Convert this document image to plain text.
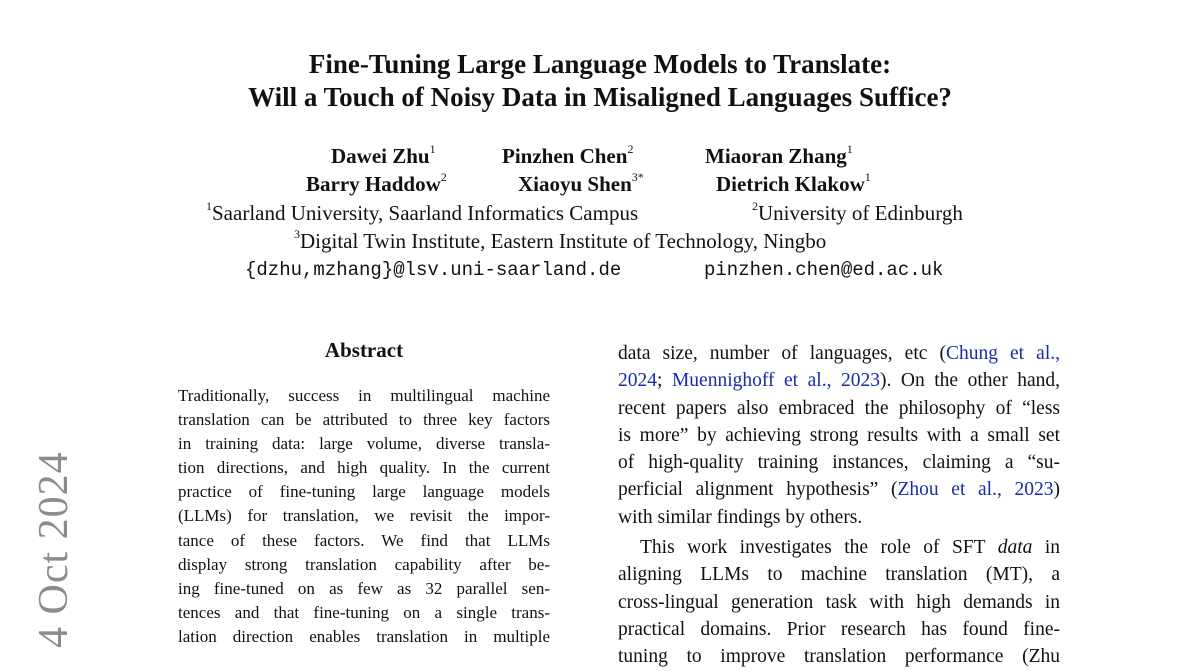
Fine-Tuning Large Language Models to Translate:
Will a Touch of Noisy Data in Misaligned Languages Suffice?
Dawei Zhu$^1$	Pinzhen Chen$^2$	Miaoran Zhang$^1$
Barry Haddow$^2$	Xiaoyu Shen$^{3*}$	Dietrich Klakow$^1$
$^1$Saarland University, Saarland Informatics Campus	$^2$University of Edinburgh
$^3$Digital Twin Institute, Eastern Institute of Technology, Ningbo
{dzhu,mzhang}@lsv.uni-saarland.de	pinzhen.chen@ed.ac.uk
Abstract
Traditionally, success in multilingual machine
translation can be attributed to three key factors
in training data: large volume, diverse transla-
tion directions, and high quality. In the current
practice of fine-tuning large language models
(LLMs) for translation, we revisit the impor-
tance of these factors. We find that LLMs
display strong translation capability after be-
ing fine-tuned on as few as 32 parallel sen-
tences and that fine-tuning on a single trans-
lation direction enables translation in multiple
data size, number of languages, etc (Chung et al.,
2024; Muennighoff et al., 2023). On the other hand,
recent papers also embraced the philosophy of “less
is more” by achieving strong results with a small set
of high-quality training instances, claiming a “su-
perficial alignment hypothesis” (Zhou et al., 2023)
with similar findings by others.
This work investigates the role of SFT data in
aligning LLMs to machine translation (MT), a
cross-lingual generation task with high demands in
practical domains. Prior research has found fine-
tuning to improve translation performance (Zhu
4 Oct 2024
